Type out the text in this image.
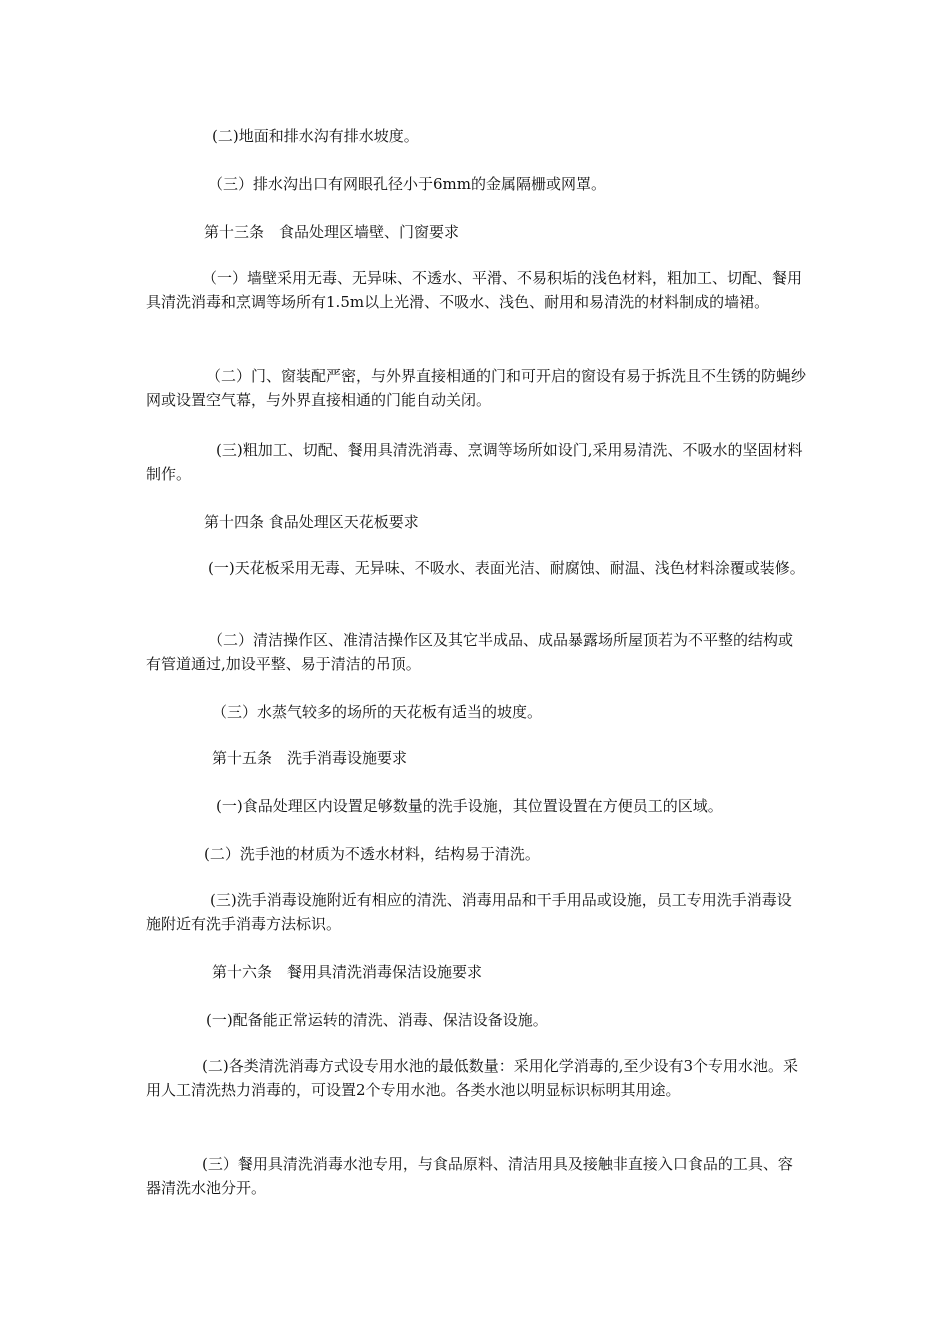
(二)地面和排水沟有排水坡度。

（三）排水沟出口有网眼孔径小于6mm的金属隔栅或网罩。

第十三条　食品处理区墙壁、门窗要求

（一）墙壁采用无毒、无异味、不透水、平滑、不易积垢的浅色材料，粗加工、切配、餐用具清洗消毒和烹调等场所有1.5m以上光滑、不吸水、浅色、耐用和易清洗的材料制成的墙裙。

（二）门、窗装配严密，与外界直接相通的门和可开启的窗设有易于拆洗且不生锈的防蝇纱网或设置空气幕，与外界直接相通的门能自动关闭。

(三)粗加工、切配、餐用具清洗消毒、烹调等场所如设门,采用易清洗、不吸水的坚固材料制作。

第十四条 食品处理区天花板要求

(一)天花板采用无毒、无异味、不吸水、表面光洁、耐腐蚀、耐温、浅色材料涂覆或装修。

（二）清洁操作区、准清洁操作区及其它半成品、成品暴露场所屋顶若为不平整的结构或有管道通过,加设平整、易于清洁的吊顶。

（三）水蒸气较多的场所的天花板有适当的坡度。

第十五条　洗手消毒设施要求

(一)食品处理区内设置足够数量的洗手设施，其位置设置在方便员工的区域。

(二）洗手池的材质为不透水材料，结构易于清洗。

(三)洗手消毒设施附近有相应的清洗、消毒用品和干手用品或设施，员工专用洗手消毒设施附近有洗手消毒方法标识。

第十六条　餐用具清洗消毒保洁设施要求

(一)配备能正常运转的清洗、消毒、保洁设备设施。

(二)各类清洗消毒方式设专用水池的最低数量：采用化学消毒的,至少设有3个专用水池。采用人工清洗热力消毒的，可设置2个专用水池。各类水池以明显标识标明其用途。

(三）餐用具清洗消毒水池专用，与食品原料、清洁用具及接触非直接入口食品的工具、容器清洗水池分开。
